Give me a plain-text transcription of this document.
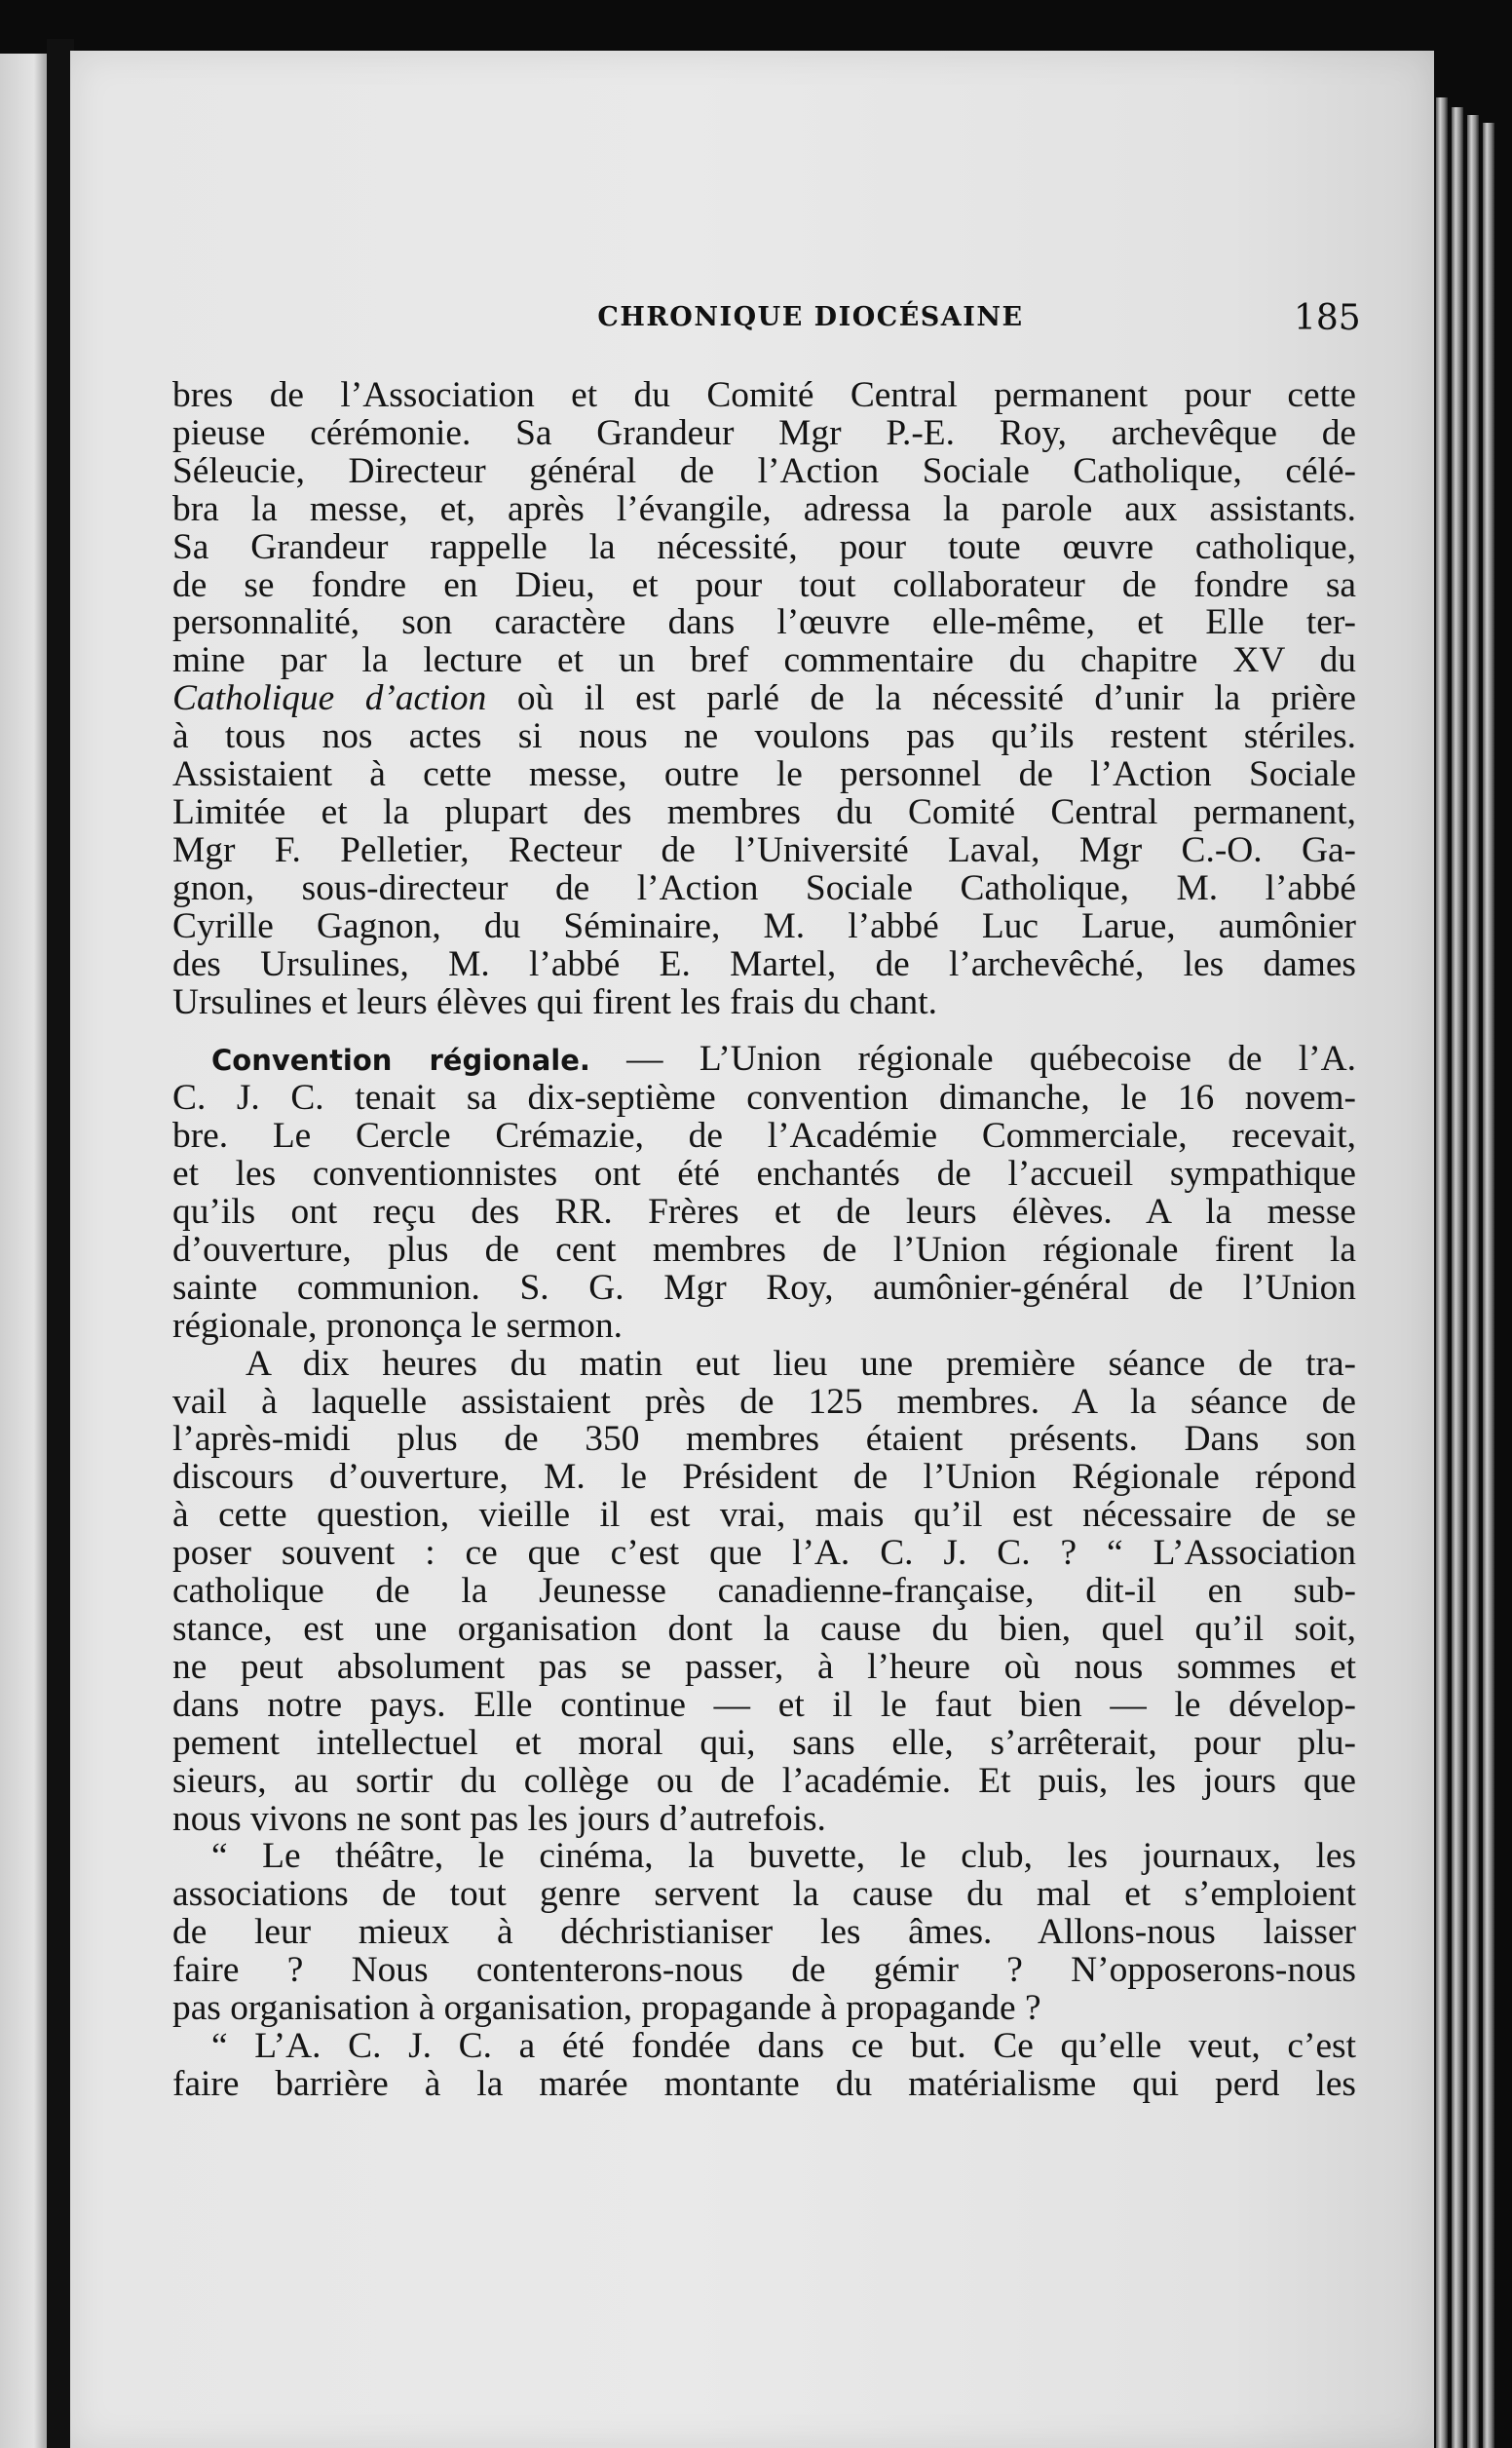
CHRONIQUE DIOCÉSAINE	185
bres de l’Association et du Comité Central permanent pour cette
pieuse cérémonie. Sa Grandeur Mgr P.-E. Roy, archevêque de
Séleucie, Directeur général de l’Action Sociale Catholique, célé-
bra la messe, et, après l’évangile, adressa la parole aux assistants.
Sa Grandeur rappelle la nécessité, pour toute œuvre catholique,
de se fondre en Dieu, et pour tout collaborateur de fondre sa
personnalité, son caractère dans l’œuvre elle-même, et Elle ter-
mine par la lecture et un bref commentaire du chapitre XV du
Catholique d’action où il est parlé de la nécessité d’unir la prière
à tous nos actes si nous ne voulons pas qu’ils restent stériles.
Assistaient à cette messe, outre le personnel de l’Action Sociale
Limitée et la plupart des membres du Comité Central permanent,
Mgr F. Pelletier, Recteur de l’Université Laval, Mgr C.-O. Ga-
gnon, sous-directeur de l’Action Sociale Catholique, M. l’abbé
Cyrille Gagnon, du Séminaire, M. l’abbé Luc Larue, aumônier
des Ursulines, M. l’abbé E. Martel, de l’archevêché, les dames
Ursulines et leurs élèves qui firent les frais du chant.
Convention régionale. — L’Union régionale québecoise de l’A.
C. J. C. tenait sa dix-septième convention dimanche, le 16 novem-
bre. Le Cercle Crémazie, de l’Académie Commerciale, recevait,
et les conventionnistes ont été enchantés de l’accueil sympathique
qu’ils ont reçu des RR. Frères et de leurs élèves. A la messe
d’ouverture, plus de cent membres de l’Union régionale firent la
sainte communion. S. G. Mgr Roy, aumônier-général de l’Union
régionale, prononça le sermon.
A dix heures du matin eut lieu une première séance de tra-
vail à laquelle assistaient près de 125 membres. A la séance de
l’après-midi plus de 350 membres étaient présents. Dans son
discours d’ouverture, M. le Président de l’Union Régionale répond
à cette question, vieille il est vrai, mais qu’il est nécessaire de se
poser souvent : ce que c’est que l’A. C. J. C. ? “ L’Association
catholique de la Jeunesse canadienne-française, dit-il en sub-
stance, est une organisation dont la cause du bien, quel qu’il soit,
ne peut absolument pas se passer, à l’heure où nous sommes et
dans notre pays. Elle continue — et il le faut bien — le dévelop-
pement intellectuel et moral qui, sans elle, s’arrêterait, pour plu-
sieurs, au sortir du collège ou de l’académie. Et puis, les jours que
nous vivons ne sont pas les jours d’autrefois.
“ Le théâtre, le cinéma, la buvette, le club, les journaux, les
associations de tout genre servent la cause du mal et s’emploient
de leur mieux à déchristianiser les âmes. Allons-nous laisser
faire ? Nous contenterons-nous de gémir ? N’opposerons-nous
pas organisation à organisation, propagande à propagande ?
“ L’A. C. J. C. a été fondée dans ce but. Ce qu’elle veut, c’est
faire barrière à la marée montante du matérialisme qui perd les
